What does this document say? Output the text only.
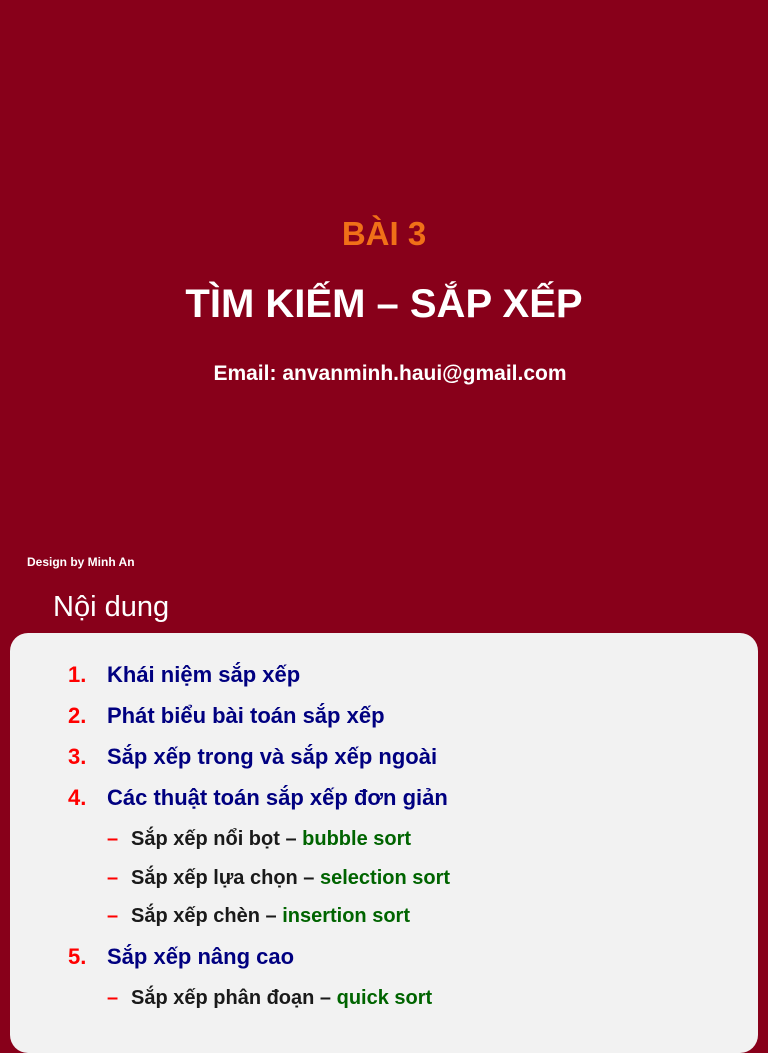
BÀI 3
TÌM KIẾM – SẮP XẾP
Email: anvanminh.haui@gmail.com
Design by Minh An
Nội dung
1. Khái niệm sắp xếp
2. Phát biểu bài toán sắp xếp
3. Sắp xếp trong và sắp xếp ngoài
4. Các thuật toán sắp xếp đơn giản
– Sắp xếp nổi bọt – bubble sort
– Sắp xếp lựa chọn – selection sort
– Sắp xếp chèn – insertion sort
5. Sắp xếp nâng cao
– Sắp xếp phân đoạn – quick sort
